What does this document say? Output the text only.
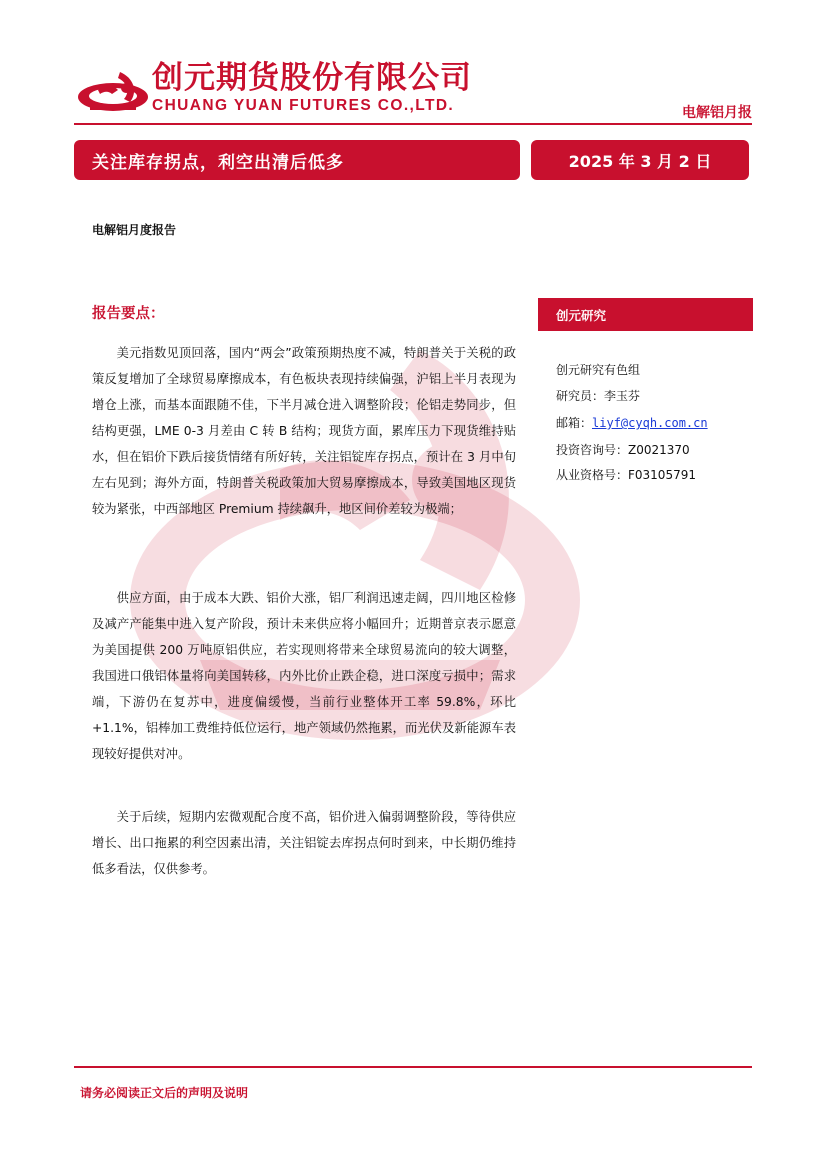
创元期货股份有限公司
CHUANG YUAN FUTURES CO.,LTD.	电解铝月报
关注库存拐点，利空出清后低多	2025 年 3 月 2 日
电解铝月度报告
报告要点：

美元指数见顶回落，国内“两会”政策预期热度不减，特朗普关于关税的政策反复增加了全球贸易摩擦成本，有色板块表现持续偏强，沪铝上半月表现为增仓上涨，而基本面跟随不佳，下半月减仓进入调整阶段；伦铝走势同步，但结构更强，LME 0-3 月差由 C 转 B 结构；现货方面，累库压力下现货维持贴水，但在铝价下跌后接货情绪有所好转，关注铝锭库存拐点，预计在 3 月中旬左右见到；海外方面，特朗普关税政策加大贸易摩擦成本，导致美国地区现货较为紧张，中西部地区 Premium 持续飙升，地区间价差较为极端；

供应方面，由于成本大跌、铝价大涨，铝厂利润迅速走阔，四川地区检修及减产产能集中进入复产阶段，预计未来供应将小幅回升；近期普京表示愿意为美国提供 200 万吨原铝供应，若实现则将带来全球贸易流向的较大调整，我国进口俄铝体量将向美国转移，内外比价止跌企稳，进口深度亏损中；需求端，下游仍在复苏中，进度偏缓慢，当前行业整体开工率 59.8%，环比+1.1%，铝棒加工费维持低位运行，地产领域仍然拖累，而光伏及新能源车表现较好提供对冲。

关于后续，短期内宏微观配合度不高，铝价进入偏弱调整阶段，等待供应增长、出口拖累的利空因素出清，关注铝锭去库拐点何时到来，中长期仍维持低多看法，仅供参考。

创元研究
创元研究有色组
研究员：李玉芬
邮箱：liyf@cyqh.com.cn
投资咨询号：Z0021370
从业资格号：F03105791
请务必阅读正文后的声明及说明
